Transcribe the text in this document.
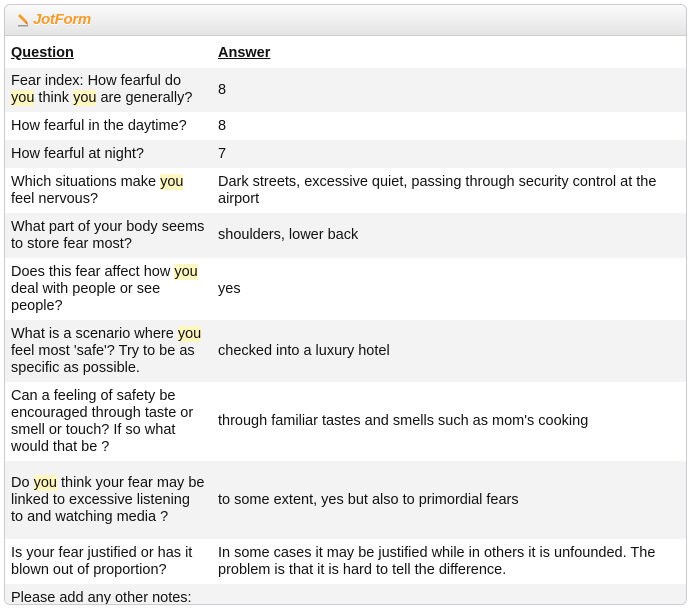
JotForm
Question	Answer
Fear index: How fearful do you think you are generally?	8
How fearful in the daytime?	8
How fearful at night?	7
Which situations make you feel nervous?	Dark streets, excessive quiet, passing through security control at the airport
What part of your body seems to store fear most?	shoulders, lower back
Does this fear affect how you deal with people or see people?	yes
What is a scenario where you feel most 'safe'? Try to be as specific as possible.	checked into a luxury hotel
Can a feeling of safety be encouraged through taste or smell or touch? If so what would that be ?	through familiar tastes and smells such as mom's cooking
Do you think your fear may be linked to excessive listening to and watching media ?	to some extent, yes but also to primordial fears
Is your fear justified or has it blown out of proportion?	In some cases it may be justified while in others it is unfounded. The problem is that it is hard to tell the difference.
Please add any other notes:	
